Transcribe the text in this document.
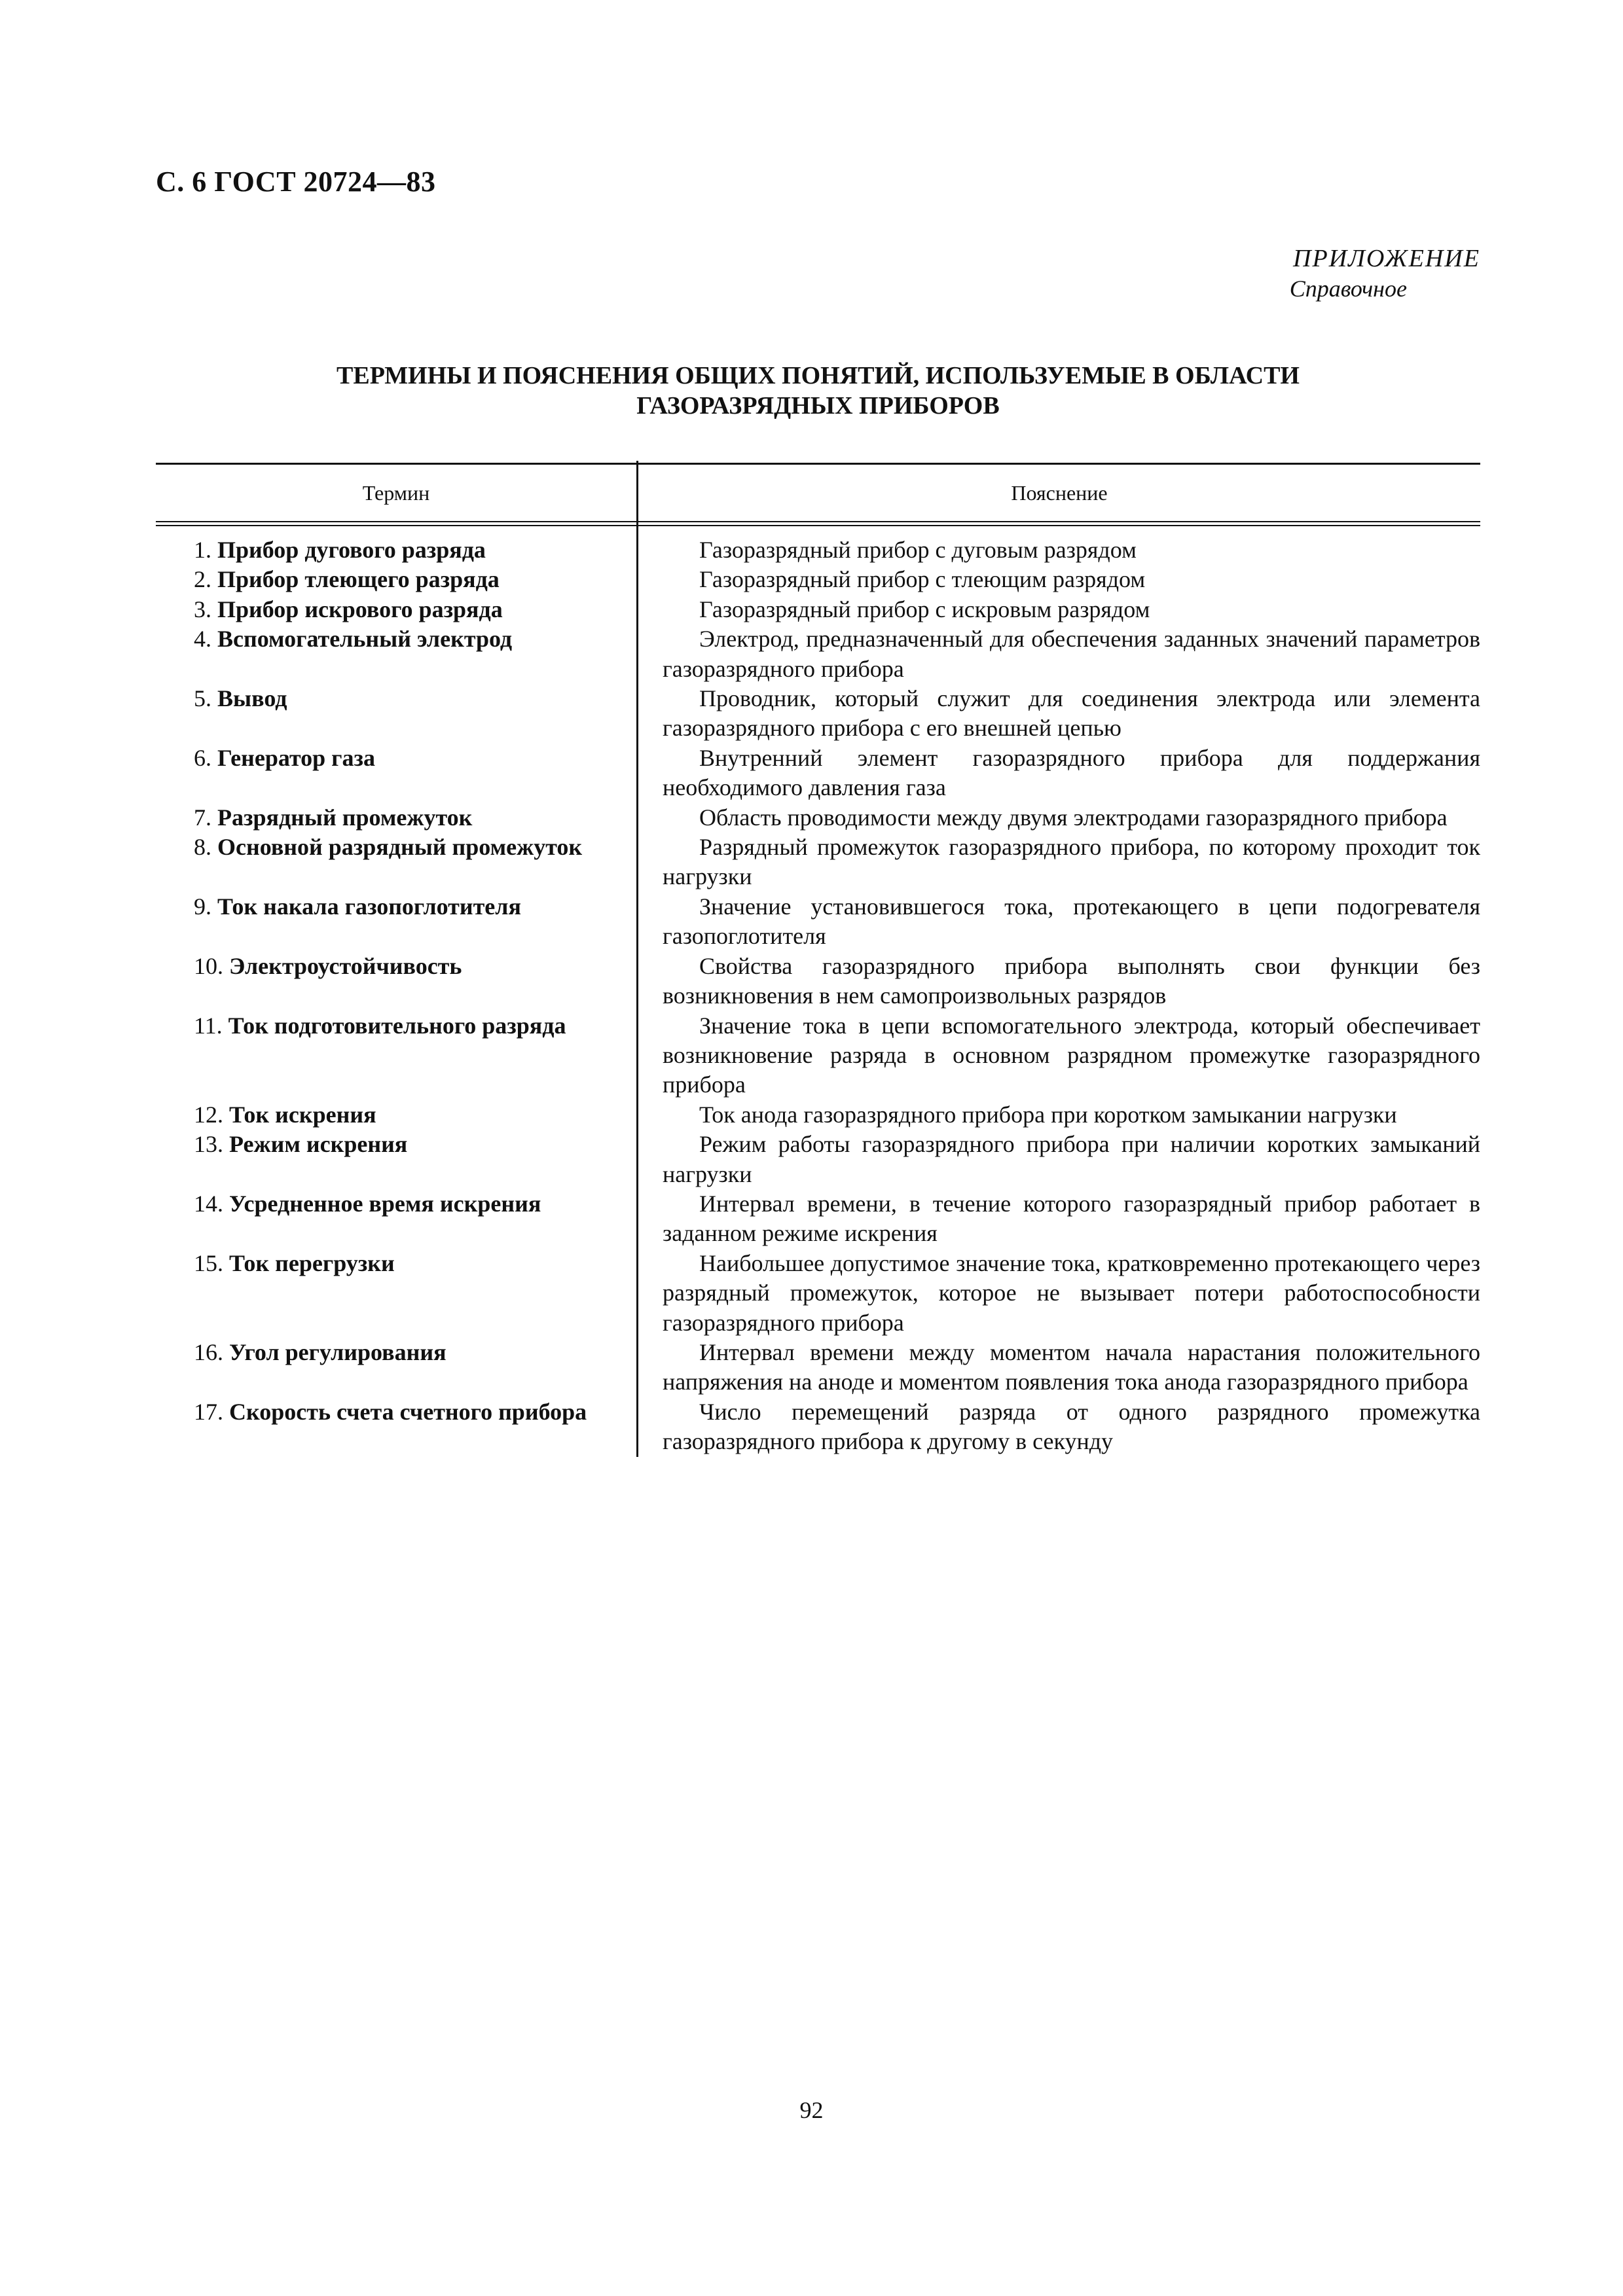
С. 6 ГОСТ 20724—83
ПРИЛОЖЕНИЕ
Справочное
ТЕРМИНЫ И ПОЯСНЕНИЯ ОБЩИХ ПОНЯТИЙ, ИСПОЛЬЗУЕМЫЕ В ОБЛАСТИ
ГАЗОРАЗРЯДНЫХ ПРИБОРОВ
Термин	Пояснение
1. Прибор дугового разряда	Газоразрядный прибор с дуговым разрядом
2. Прибор тлеющего разряда	Газоразрядный прибор с тлеющим разрядом
3. Прибор искрового разряда	Газоразрядный прибор с искровым разрядом
4. Вспомогательный электрод	Электрод, предназначенный для обеспечения заданных значений параметров газоразрядного прибора
5. Вывод	Проводник, который служит для соединения электрода или элемента газоразрядного прибора с его внешней цепью
6. Генератор газа	Внутренний элемент газоразрядного прибора для поддержания необходимого давления газа
7. Разрядный промежуток	Область проводимости между двумя электродами газоразрядного прибора
8. Основной разрядный промежуток	Разрядный промежуток газоразрядного прибора, по которому проходит ток нагрузки
9. Ток накала газопоглотителя	Значение установившегося тока, протекающего в цепи подогревателя газопоглотителя
10. Электроустойчивость	Свойства газоразрядного прибора выполнять свои функции без возникновения в нем самопроизвольных разрядов
11. Ток подготовительного разряда	Значение тока в цепи вспомогательного электрода, который обеспечивает возникновение разряда в основном разрядном промежутке газоразрядного прибора
12. Ток искрения	Ток анода газоразрядного прибора при коротком замыкании нагрузки
13. Режим искрения	Режим работы газоразрядного прибора при наличии коротких замыканий нагрузки
14. Усредненное время искрения	Интервал времени, в течение которого газоразрядный прибор работает в заданном режиме искрения
15. Ток перегрузки	Наибольшее допустимое значение тока, кратковременно протекающего через разрядный промежуток, которое не вызывает потери работоспособности газоразрядного прибора
16. Угол регулирования	Интервал времени между моментом начала нарастания положительного напряжения на аноде и моментом появления тока анода газоразрядного прибора
17. Скорость счета счетного прибора	Число перемещений разряда от одного разрядного промежутка газоразрядного прибора к другому в секунду
92
